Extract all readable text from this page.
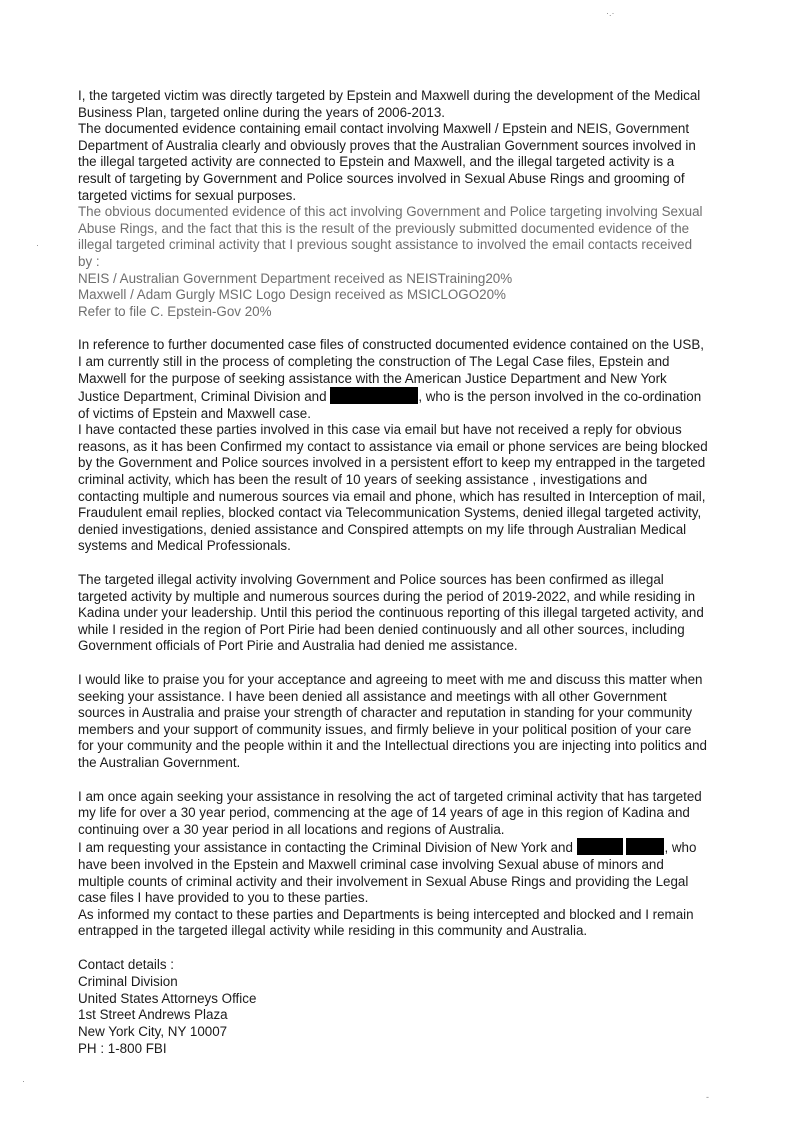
I, the targeted victim was directly targeted by Epstein and Maxwell during the development of the Medical Business Plan, targeted online during the years of 2006-2013.

The documented evidence containing email contact involving Maxwell / Epstein and NEIS, Government Department of Australia clearly and obviously proves that the Australian Government sources involved in the illegal targeted activity are connected to Epstein and Maxwell, and the illegal targeted activity is a result of targeting by Government and Police sources involved in Sexual Abuse Rings and grooming of targeted victims for sexual purposes.

The obvious documented evidence of this act involving Government and Police targeting involving Sexual Abuse Rings, and the fact that this is the result of the previously submitted documented evidence of the illegal targeted criminal activity that I previous sought assistance to involved the email contacts received by :

NEIS / Australian Government Department received as NEISTraining20%

Maxwell / Adam Gurgly MSIC Logo Design received as MSICLOGO20%

Refer to file C. Epstein-Gov 20%

In reference to further documented case files of constructed documented evidence contained on the USB, I am currently still in the process of completing the construction of The Legal Case files, Epstein and Maxwell for the purpose of seeking assistance with the American Justice Department and New York Justice Department, Criminal Division and	, who is the person involved in the co-ordination of victims of Epstein and Maxwell case.

I have contacted these parties involved in this case via email but have not received a reply for obvious reasons, as it has been Confirmed my contact to assistance via email or phone services are being blocked by the Government and Police sources involved in a persistent effort to keep my entrapped in the targeted criminal activity, which has been the result of 10 years of seeking assistance , investigations and contacting multiple and numerous sources via email and phone, which has resulted in Interception of mail, Fraudulent email replies, blocked contact via Telecommunication Systems, denied illegal targeted activity, denied investigations, denied assistance and Conspired attempts on my life through Australian Medical systems and Medical Professionals.

The targeted illegal activity involving Government and Police sources has been confirmed as illegal targeted activity by multiple and numerous sources during the period of 2019-2022, and while residing in Kadina under your leadership. Until this period the continuous reporting of this illegal targeted activity, and while I resided in the region of Port Pirie had been denied continuously and all other sources, including Government officials of Port Pirie and Australia had denied me assistance.

I would like to praise you for your acceptance and agreeing to meet with me and discuss this matter when seeking your assistance. I have been denied all assistance and meetings with all other Government sources in Australia and praise your strength of character and reputation in standing for your community members and your support of community issues, and firmly believe in your political position of your care for your community and the people within it and the Intellectual directions you are injecting into politics and the Australian Government.

I am once again seeking your assistance in resolving the act of targeted criminal activity that has targeted my life for over a 30 year period, commencing at the age of 14 years of age in this region of Kadina and continuing over a 30 year period in all locations and regions of Australia.

I am requesting your assistance in contacting the Criminal Division of New York and	, who have been involved in the Epstein and Maxwell criminal case involving Sexual abuse of minors and multiple counts of criminal activity and their involvement in Sexual Abuse Rings and providing the Legal case files I have provided to you to these parties.

As informed my contact to these parties and Departments is being intercepted and blocked and I remain entrapped in the targeted illegal activity while residing in this community and Australia.

Contact details :

Criminal Division

United States Attorneys Office

1st Street Andrews Plaza

New York City, NY 10007

PH : 1-800 FBI

·.·
·
·
-
